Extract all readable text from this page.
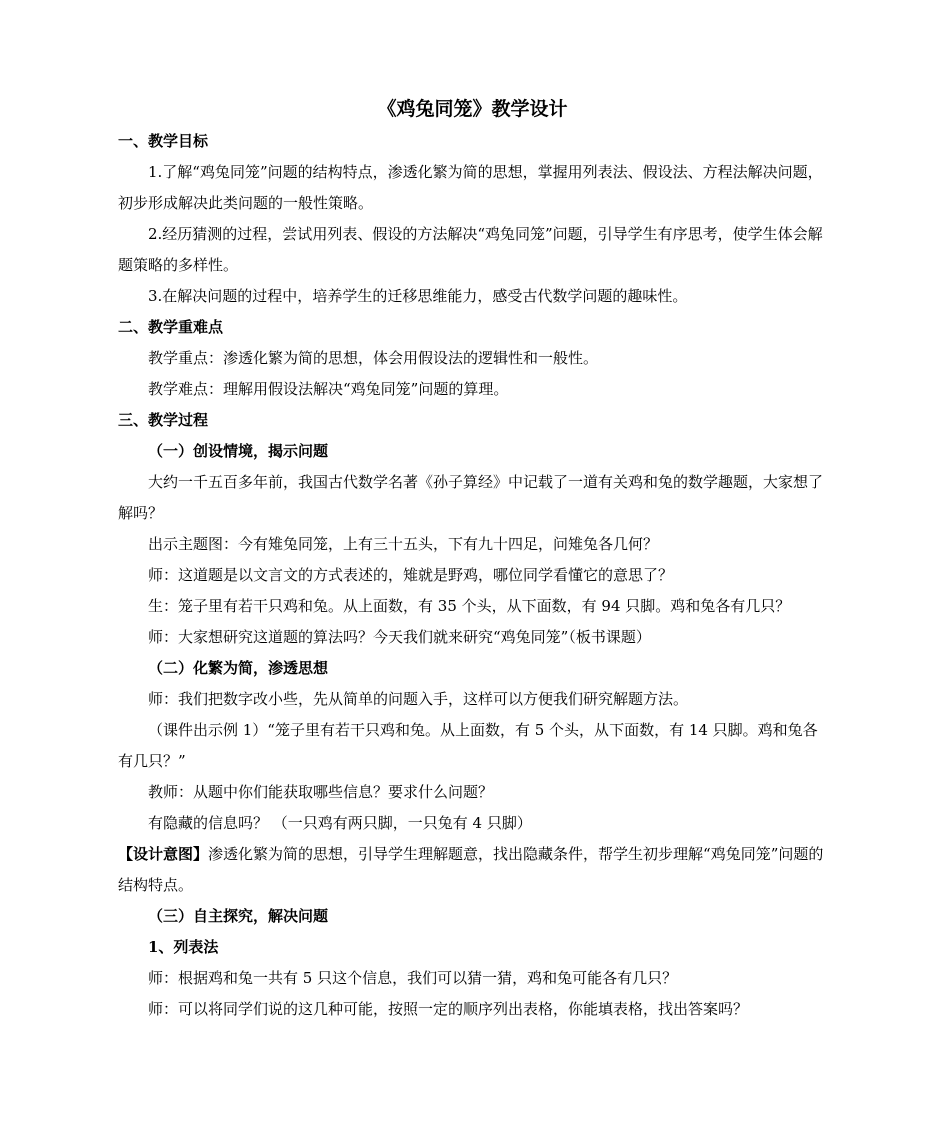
《鸡兔同笼》教学设计

一、教学目标

1.了解“鸡兔同笼”问题的结构特点，渗透化繁为简的思想，掌握用列表法、假设法、方程法解决问题，初步形成解决此类问题的一般性策略。

2.经历猜测的过程，尝试用列表、假设的方法解决“鸡兔同笼”问题，引导学生有序思考，使学生体会解题策略的多样性。

3.在解决问题的过程中，培养学生的迁移思维能力，感受古代数学问题的趣味性。

二、教学重难点

教学重点：渗透化繁为简的思想，体会用假设法的逻辑性和一般性。

教学难点：理解用假设法解决“鸡兔同笼”问题的算理。

三、教学过程

（一）创设情境，揭示问题

大约一千五百多年前，我国古代数学名著《孙子算经》中记载了一道有关鸡和兔的数学趣题，大家想了解吗？

出示主题图：今有雉兔同笼，上有三十五头，下有九十四足，问雉兔各几何？

师：这道题是以文言文的方式表述的，雉就是野鸡，哪位同学看懂它的意思了？

生：笼子里有若干只鸡和兔。从上面数，有 35 个头，从下面数，有 94 只脚。鸡和兔各有几只？

师：大家想研究这道题的算法吗？今天我们就来研究“鸡兔同笼”（板书课题）

（二）化繁为简，渗透思想

师：我们把数字改小些，先从简单的问题入手，这样可以方便我们研究解题方法。

（课件出示例 1）“笼子里有若干只鸡和兔。从上面数，有 5 个头，从下面数，有 14 只脚。鸡和兔各有几只？”

教师：从题中你们能获取哪些信息？要求什么问题？

有隐藏的信息吗？ （一只鸡有两只脚，一只兔有 4 只脚）

【设计意图】渗透化繁为简的思想，引导学生理解题意，找出隐藏条件，帮学生初步理解“鸡兔同笼”问题的结构特点。

（三）自主探究，解决问题

1、列表法

师：根据鸡和兔一共有 5 只这个信息，我们可以猜一猜，鸡和兔可能各有几只？

师：可以将同学们说的这几种可能，按照一定的顺序列出表格，你能填表格，找出答案吗？
